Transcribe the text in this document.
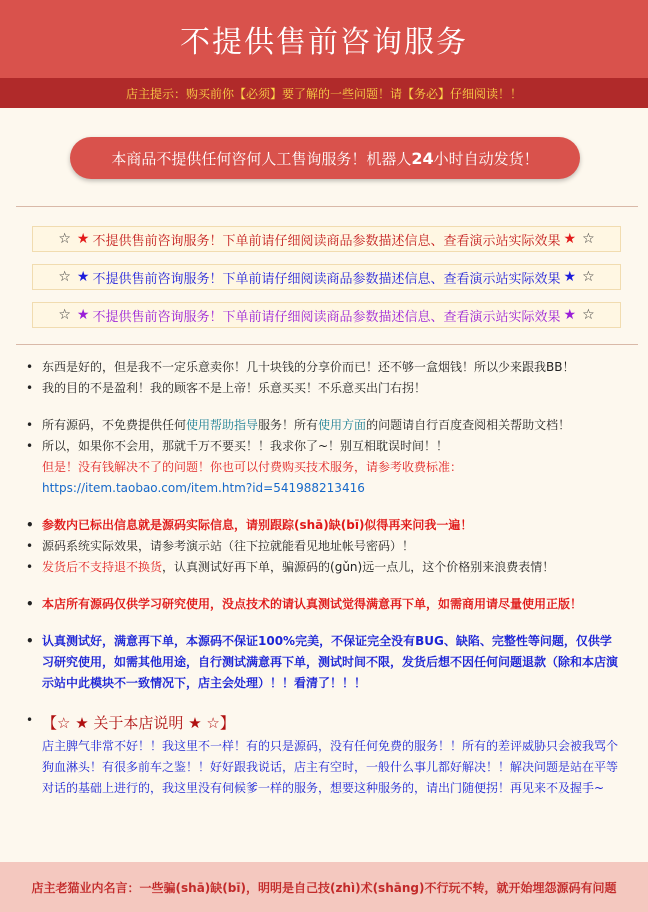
不提供售前咨询服务
店主提示：购买前你【必须】要了解的一些问题！请【务必】仔细阅读！！
本商品不提供任何咨何人工售询服务！机器人 24 小时自动发货！
☆ ★ 不提供售前咨询服务！下单前请仔细阅读商品参数描述信息、查看演示站实际效果 ★ ☆
☆ ★ 不提供售前咨询服务！下单前请仔细阅读商品参数描述信息、查看演示站实际效果 ★ ☆
☆ ★ 不提供售前咨询服务！下单前请仔细阅读商品参数描述信息、查看演示站实际效果 ★ ☆
• 东西是好的，但是我不一定乐意卖你！几十块钱的分享价而已！还不够一盒烟钱！所以少来跟我BB！
• 我的目的不是盈利！我的顾客不是上帝！乐意买买！不乐意买出门右拐！
• 所有源码，不免费提供任何使用帮助指导服务！所有使用方面的问题请自行百度查阅相关帮助文档！
• 所以，如果你不会用，那就千万不要买！！我求你了~！别互相耽误时间！！
但是！没有钱解决不了的问题！你也可以付费购买技术服务，请参考收费标准：
https://item.taobao.com/item.htm?id=541988213416
• 参数内已标出信息就是源码实际信息，请别跟踪(shā)缺(bī)似得再来问我一遍！
• 源码系统实际效果，请参考演示站（往下拉就能看见地址帐号密码）！
• 发货后不支持退不换货，认真测试好再下单，骗源码的(gǔn)远一点儿，这个价格别来浪费表情！
• 本店所有源码仅供学习研究使用，没点技术的请认真测试觉得满意再下单，如需商用请尽量使用正版！
• 认真测试好，满意再下单，本源码不保证100%完美，不保证完全没有BUG、缺陷、完整性等问题，仅供学习研究使用，如需其他用途，自行测试满意再下单，测试时间不限，发货后想不因任何问题退款（除和本店演示站中此模块不一致情况下，店主会处理）！！看清了！！！
• 【☆ ★ 关于本店说明 ★ ☆】
店主脾气非常不好！！我这里不一样！有的只是源码，没有任何免费的服务！！所有的差评威胁只会被我骂个狗血淋头！有很多前车之鉴！！好好跟我说话，店主有空时，一般什么事儿都好解决！！解决问题是站在平等对话的基础上进行的，我这里没有伺候爹一样的服务，想要这种服务的，请出门随便拐！再见来不及握手~
店主老猫业内名言：一些骗(shā)缺(bī)，明明是自己技(zhì)术(shāng)不行玩不转，就开始埋怨源码有问题
